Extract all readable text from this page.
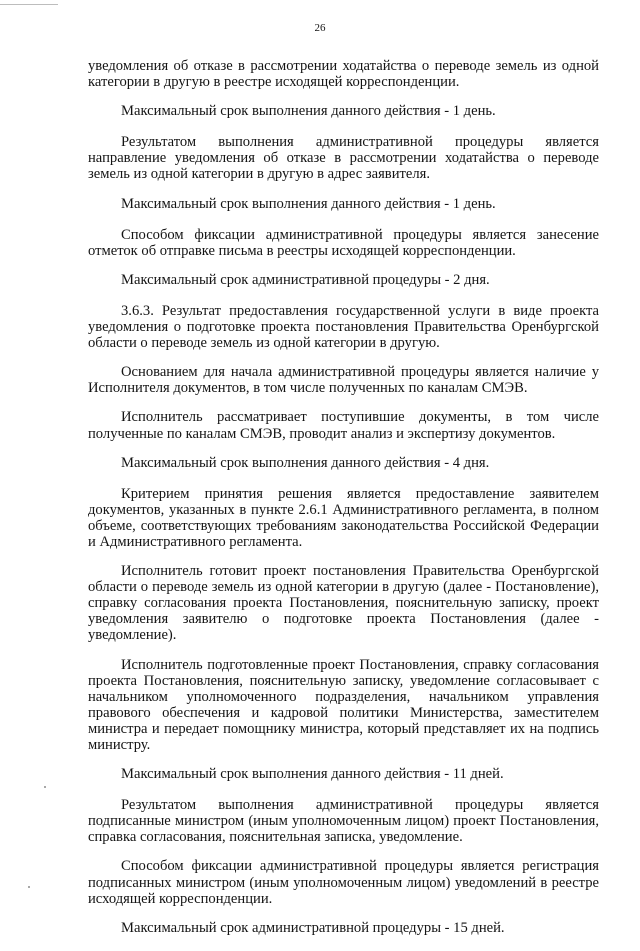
26

уведомления об отказе в рассмотрении ходатайства о переводе земель из одной категории в другую в реестре исходящей корреспонденции.

Максимальный срок выполнения данного действия - 1 день.

Результатом выполнения административной процедуры является направление уведомления об отказе в рассмотрении ходатайства о переводе земель из одной категории в другую в адрес заявителя.

Максимальный срок выполнения данного действия - 1 день.

Способом фиксации административной процедуры является занесение отметок об отправке письма в реестры исходящей корреспонденции.

Максимальный срок административной процедуры - 2 дня.

3.6.3. Результат предоставления государственной услуги в виде проекта уведомления о подготовке проекта постановления Правительства Оренбургской области о переводе земель из одной категории в другую.

Основанием для начала административной процедуры является наличие у Исполнителя документов, в том числе полученных по каналам СМЭВ.

Исполнитель рассматривает поступившие документы, в том числе полученные по каналам СМЭВ, проводит анализ и экспертизу документов.

Максимальный срок выполнения данного действия - 4 дня.

Критерием принятия решения является предоставление заявителем документов, указанных в пункте 2.6.1 Административного регламента, в полном объеме, соответствующих требованиям законодательства Российской Федерации и Административного регламента.

Исполнитель готовит проект постановления Правительства Оренбургской области о переводе земель из одной категории в другую (далее - Постановление), справку согласования проекта Постановления, пояснительную записку, проект уведомления заявителю о подготовке проекта Постановления (далее - уведомление).

Исполнитель подготовленные проект Постановления, справку согласования проекта Постановления, пояснительную записку, уведомление согласовывает с начальником уполномоченного подразделения, начальником управления правового обеспечения и кадровой политики Министерства, заместителем министра и передает помощнику министра, который представляет их на подпись министру.

Максимальный срок выполнения данного действия - 11 дней.

Результатом выполнения административной процедуры является подписанные министром (иным уполномоченным лицом) проект Постановления, справка согласования, пояснительная записка, уведомление.

Способом фиксации административной процедуры является регистрация подписанных министром (иным уполномоченным лицом) уведомлений в реестре исходящей корреспонденции.

Максимальный срок административной процедуры - 15 дней.
